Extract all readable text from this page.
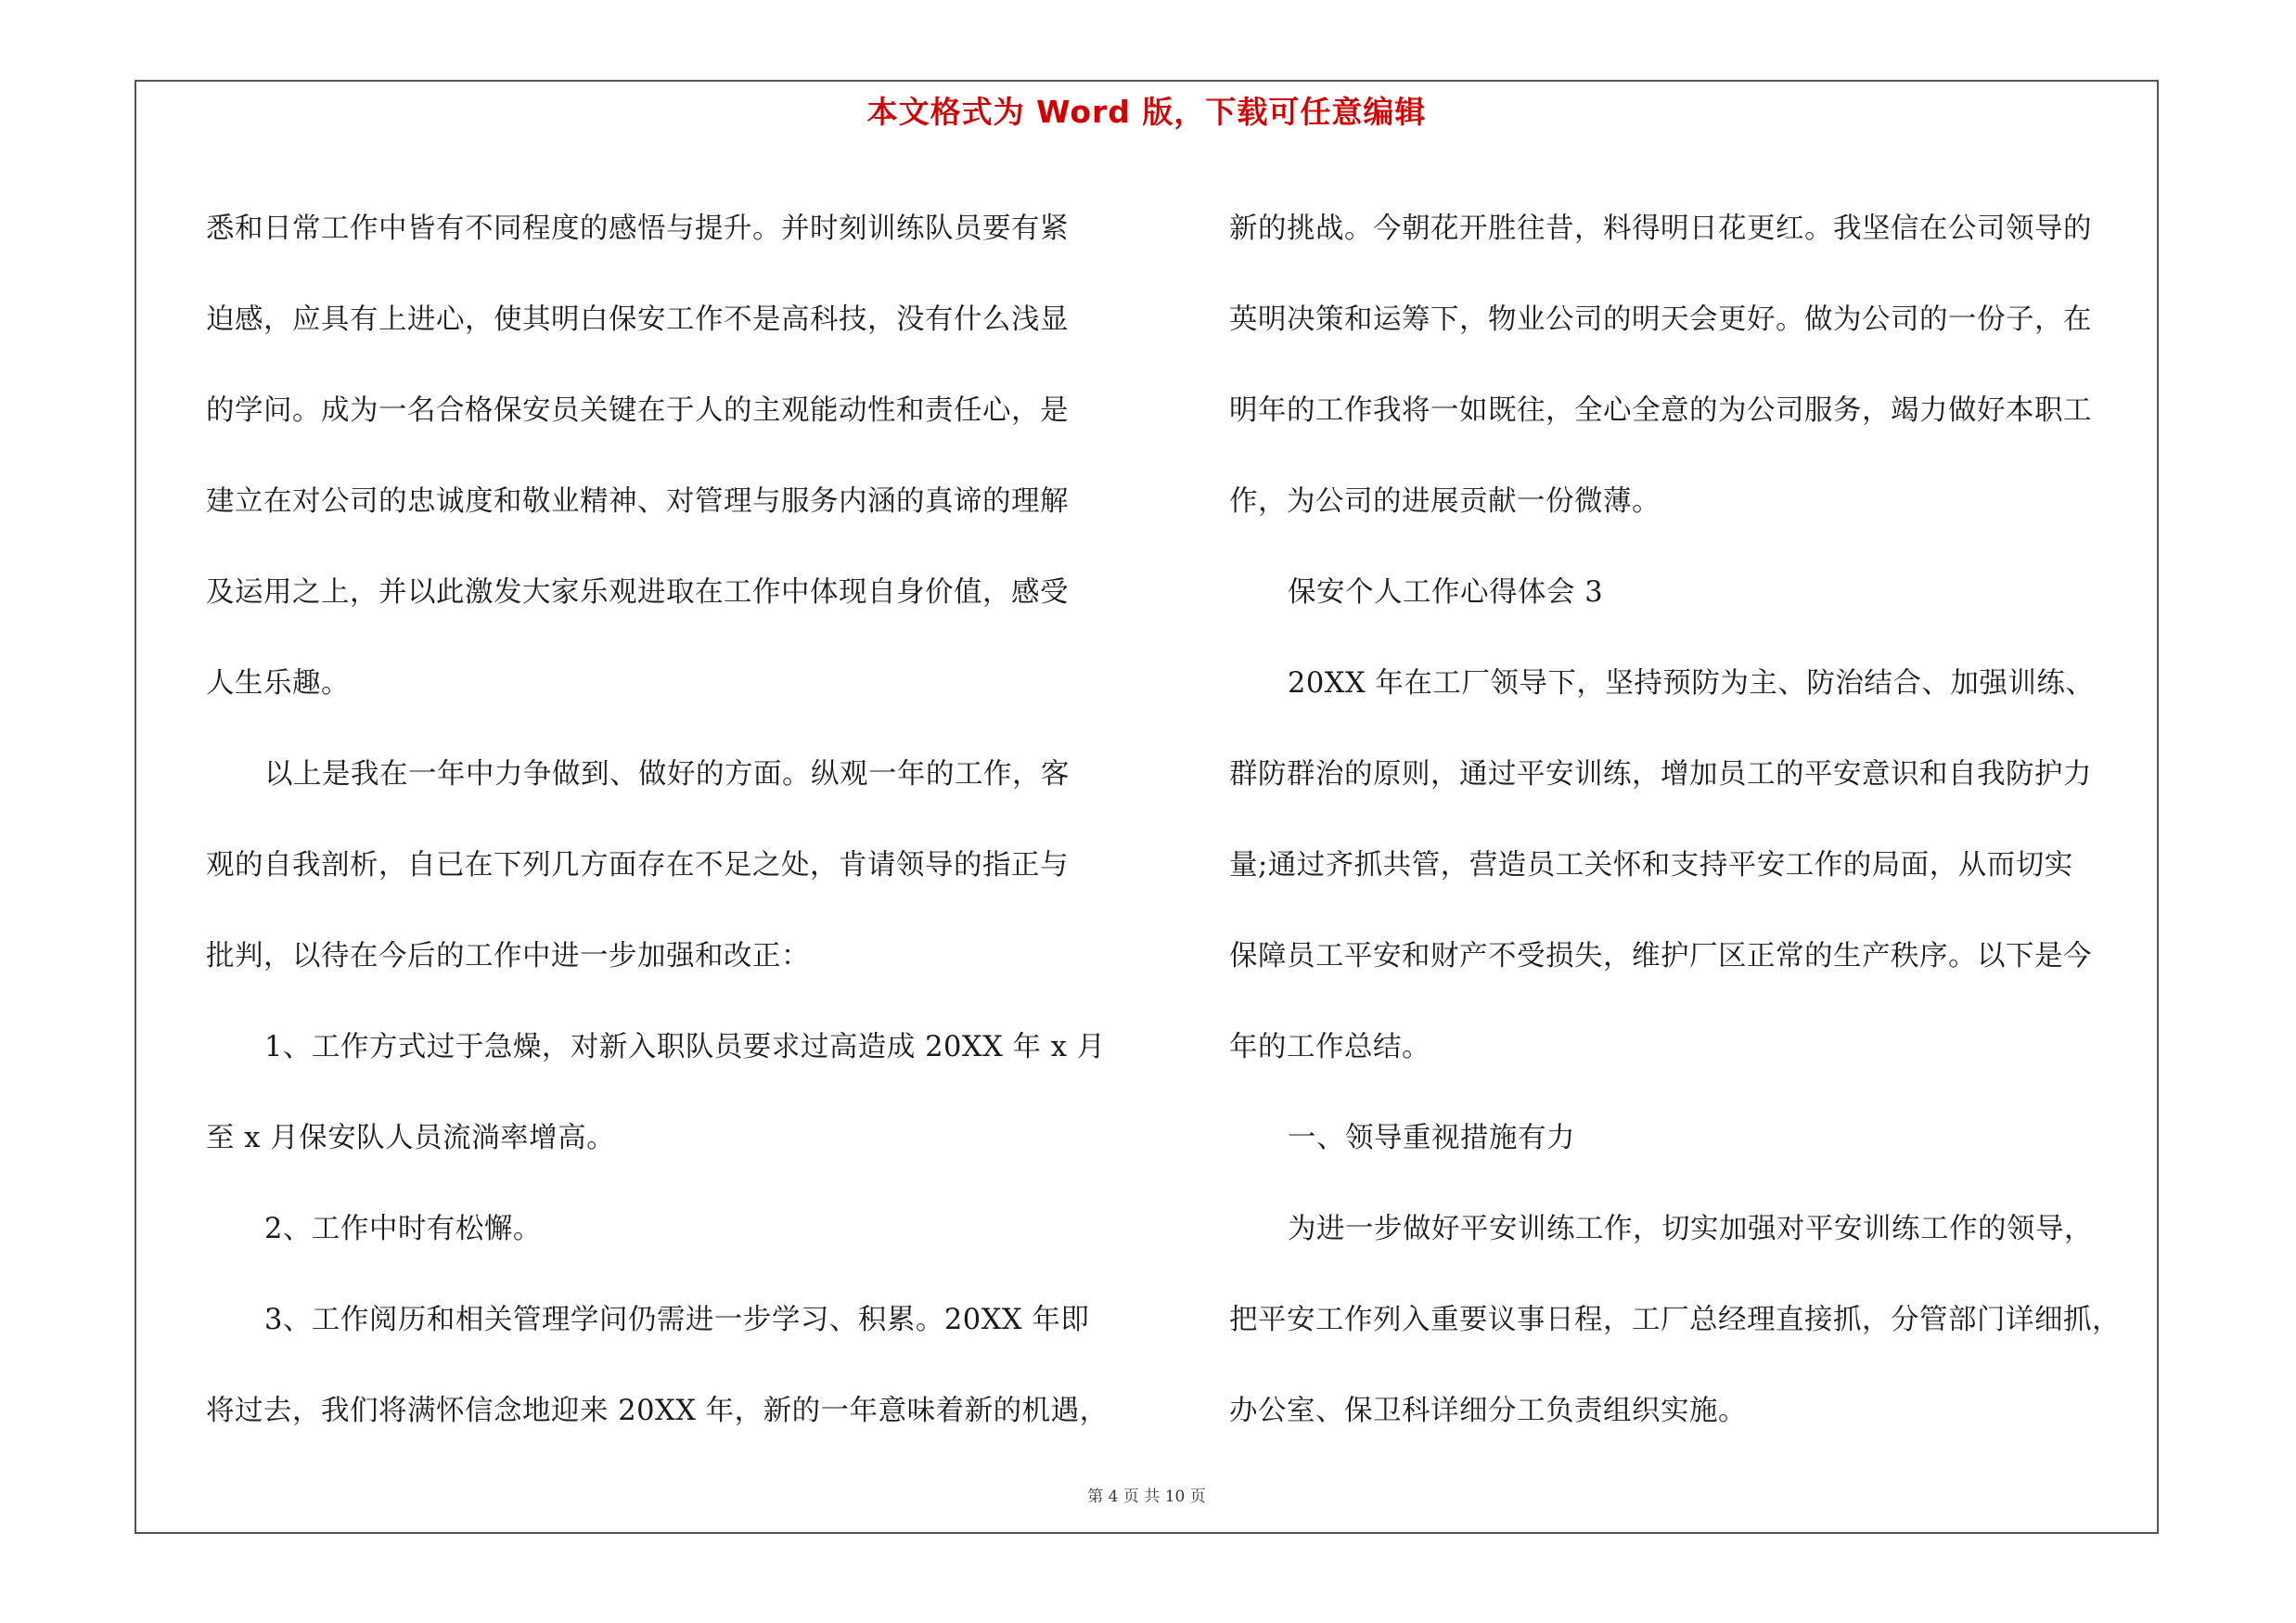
本文格式为 Word 版，下载可任意编辑

悉和日常工作中皆有不同程度的感悟与提升。并时刻训练队员要有紧

迫感，应具有上进心，使其明白保安工作不是高科技，没有什么浅显

的学问。成为一名合格保安员关键在于人的主观能动性和责任心，是

建立在对公司的忠诚度和敬业精神、对管理与服务内涵的真谛的理解

及运用之上，并以此激发大家乐观进取在工作中体现自身价值，感受

人生乐趣。

以上是我在一年中力争做到、做好的方面。纵观一年的工作，客

观的自我剖析，自已在下列几方面存在不足之处，肯请领导的指正与

批判，以待在今后的工作中进一步加强和改正：

1、工作方式过于急燥，对新入职队员要求过高造成 20XX 年 x 月

至 x 月保安队人员流淌率增高。

2、工作中时有松懈。

3、工作阅历和相关管理学问仍需进一步学习、积累。20XX 年即

将过去，我们将满怀信念地迎来 20XX 年，新的一年意味着新的机遇，

新的挑战。今朝花开胜往昔，料得明日花更红。我坚信在公司领导的

英明决策和运筹下，物业公司的明天会更好。做为公司的一份子，在

明年的工作我将一如既往，全心全意的为公司服务，竭力做好本职工

作，为公司的进展贡献一份微薄。

保安个人工作心得体会 3

20XX 年在工厂领导下，坚持预防为主、防治结合、加强训练、

群防群治的原则，通过平安训练，增加员工的平安意识和自我防护力

量;通过齐抓共管，营造员工关怀和支持平安工作的局面，从而切实

保障员工平安和财产不受损失，维护厂区正常的生产秩序。以下是今

年的工作总结。

一、领导重视措施有力

为进一步做好平安训练工作，切实加强对平安训练工作的领导，

把平安工作列入重要议事日程，工厂总经理直接抓，分管部门详细抓，

办公室、保卫科详细分工负责组织实施。

第 4 页 共 10 页
